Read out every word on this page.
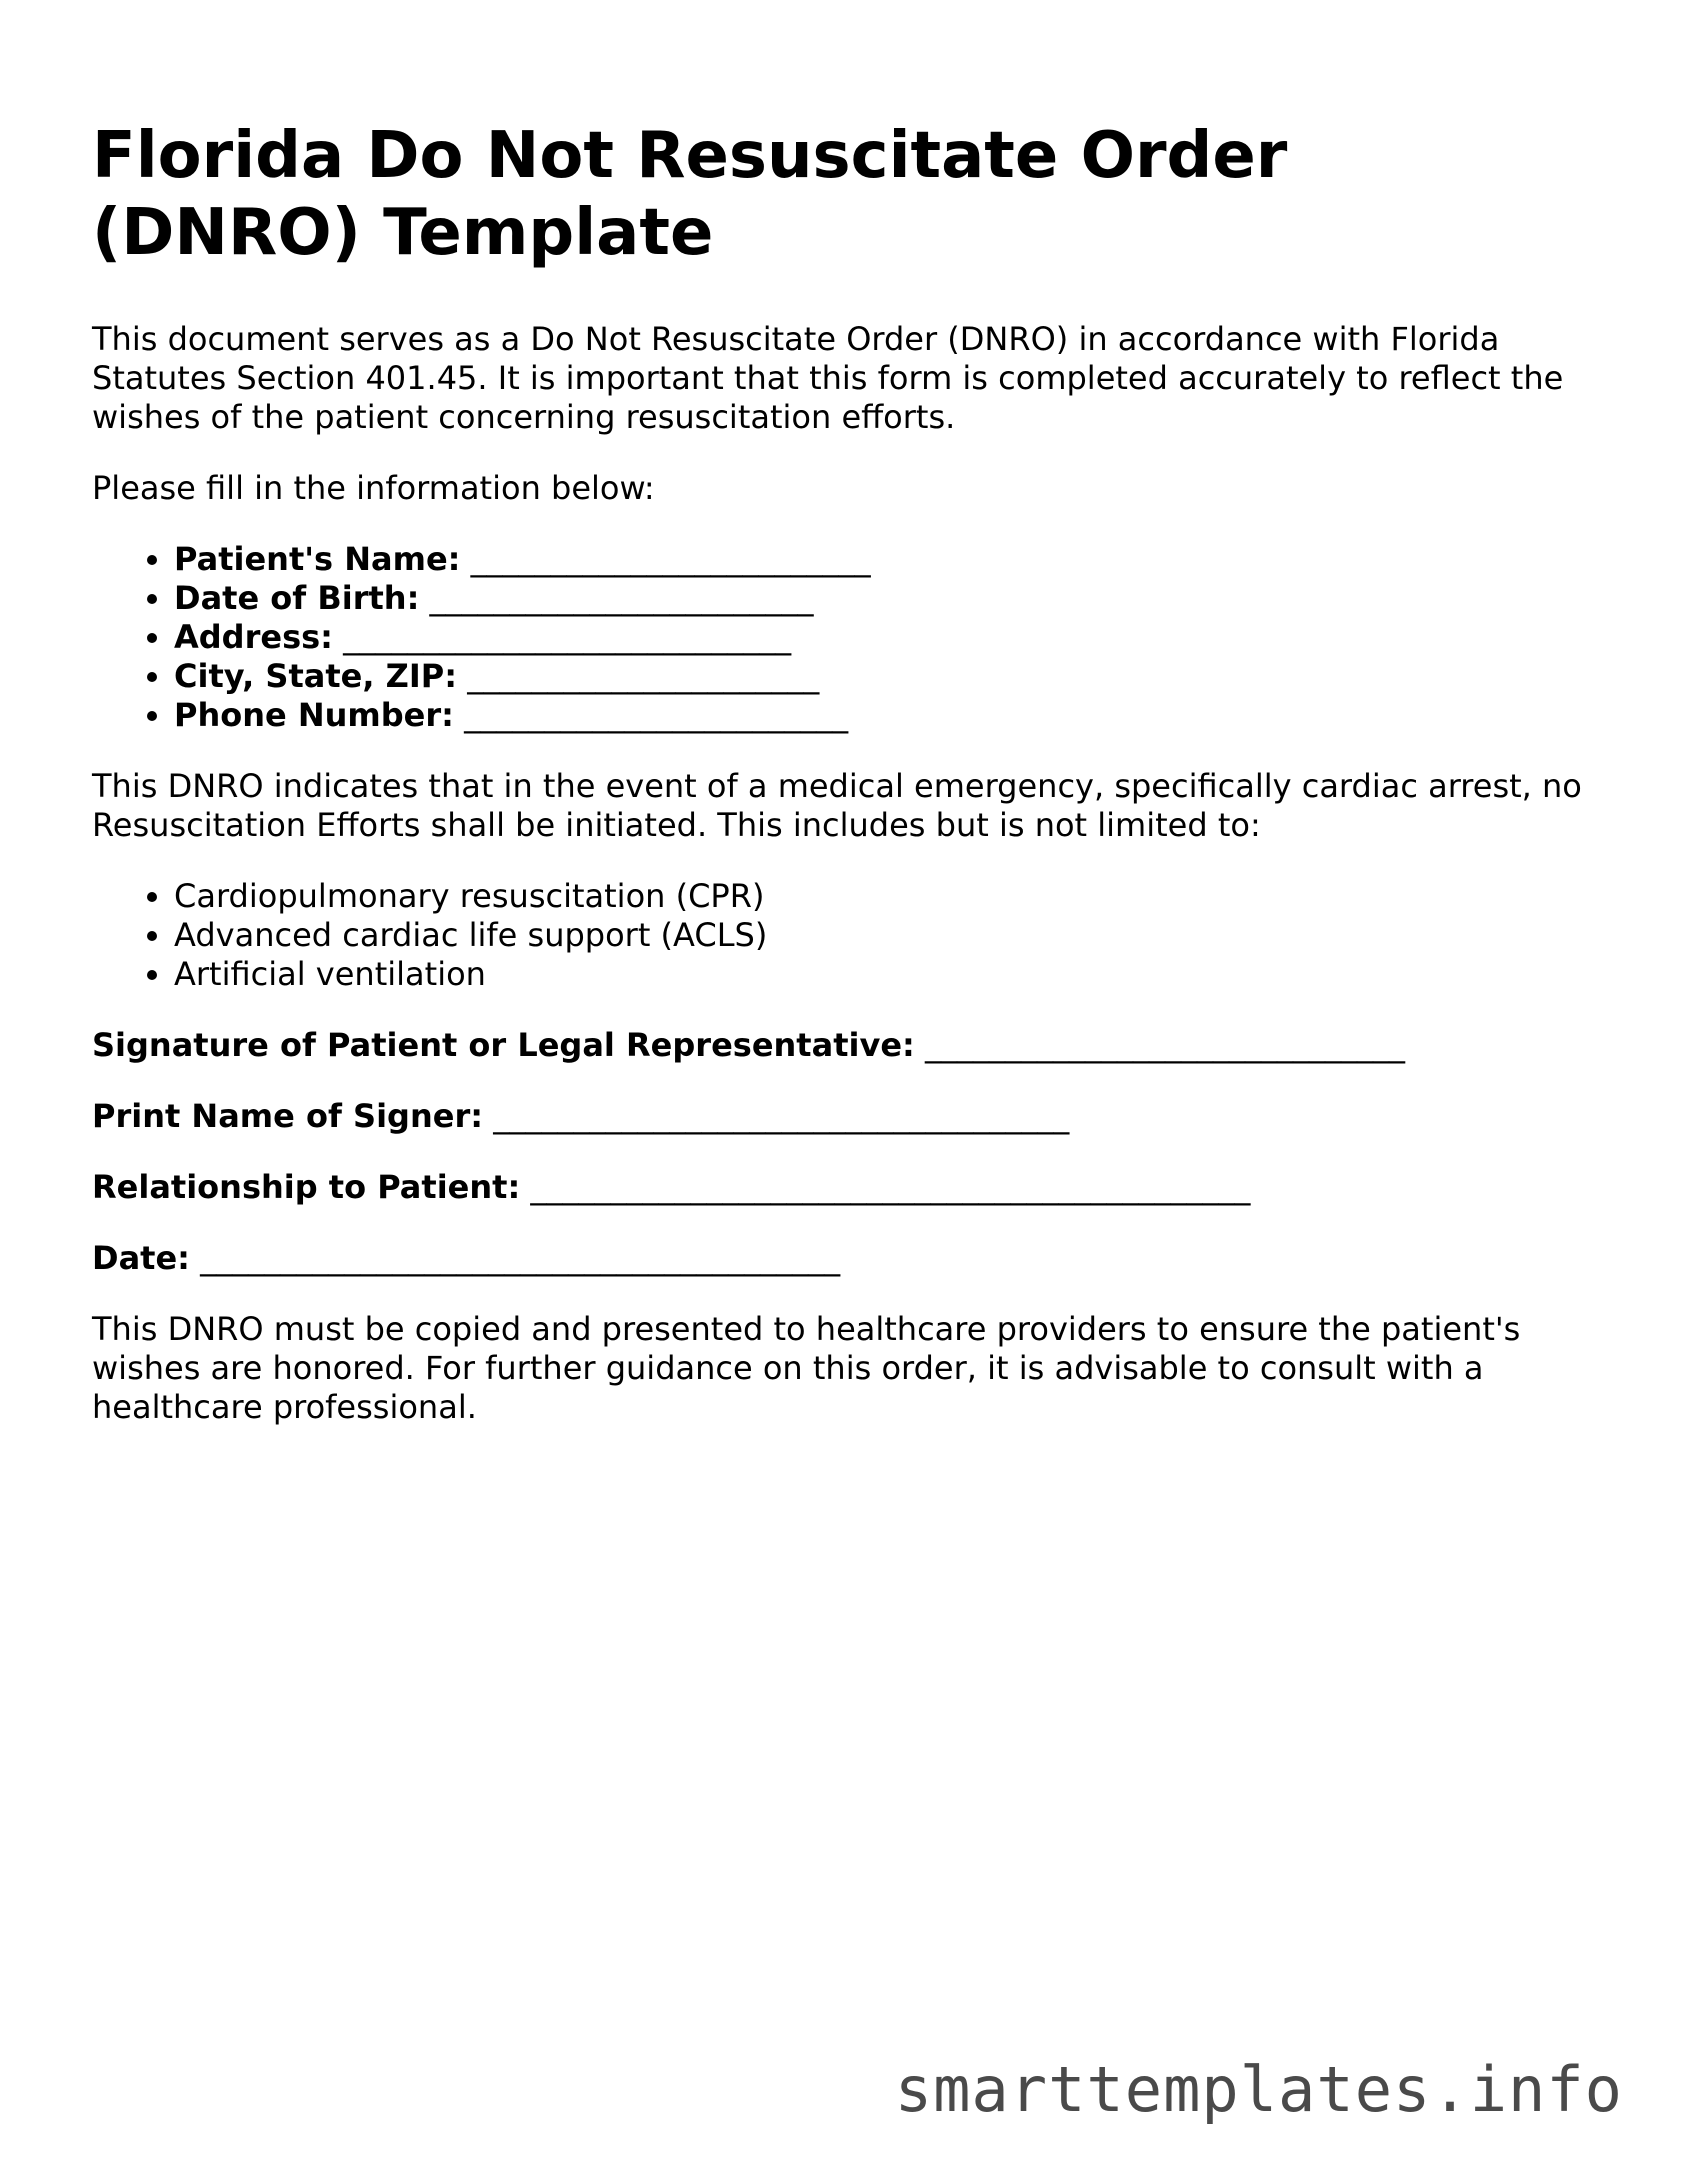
Florida Do Not Resuscitate Order
(DNRO) Template

This document serves as a Do Not Resuscitate Order (DNRO) in accordance with Florida Statutes Section 401.45. It is important that this form is completed accurately to reflect the wishes of the patient concerning resuscitation efforts.

Please fill in the information below:

• Patient's Name: _________________________
• Date of Birth: ________________________
• Address: ____________________________
• City, State, ZIP: ______________________
• Phone Number: ________________________

This DNRO indicates that in the event of a medical emergency, specifically cardiac arrest, no Resuscitation Efforts shall be initiated. This includes but is not limited to:

• Cardiopulmonary resuscitation (CPR)
• Advanced cardiac life support (ACLS)
• Artificial ventilation

Signature of Patient or Legal Representative: ______________________________

Print Name of Signer: ____________________________________

Relationship to Patient: _____________________________________________

Date: ________________________________________

This DNRO must be copied and presented to healthcare providers to ensure the patient's wishes are honored. For further guidance on this order, it is advisable to consult with a healthcare professional.

smarttemplates.info
